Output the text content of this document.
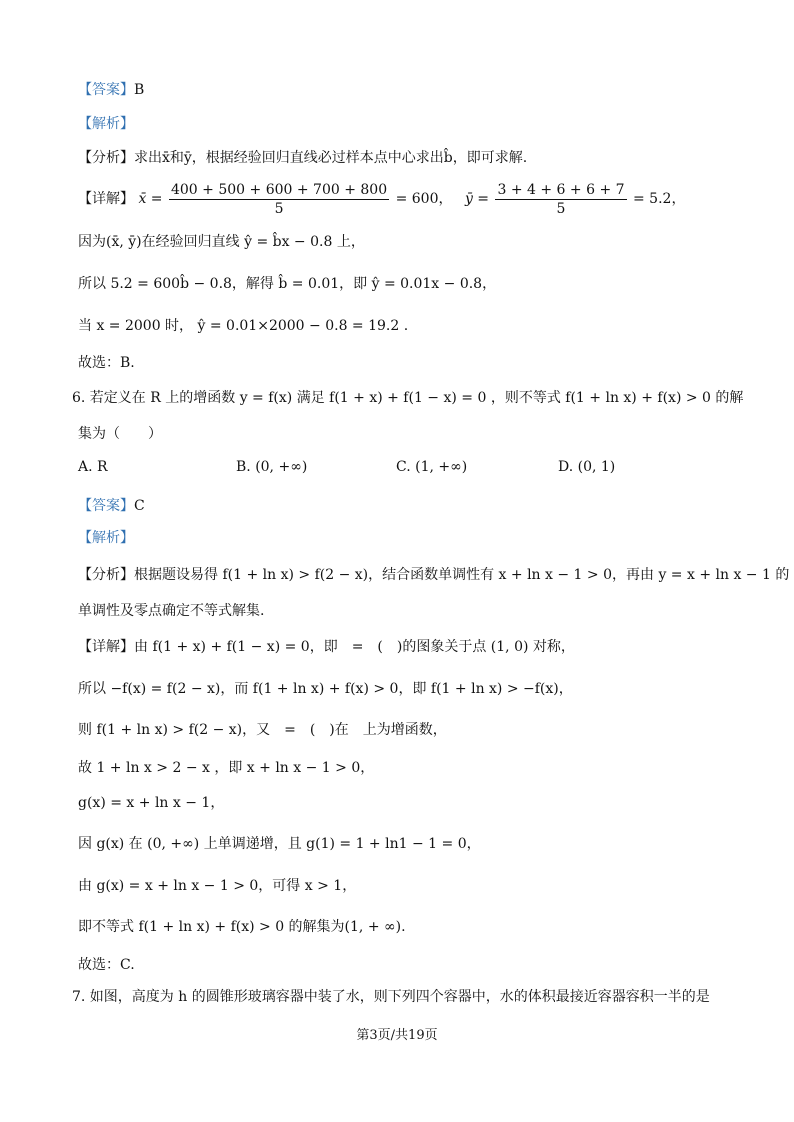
【答案】B
【解析】
【分析】求出x̄和ȳ，根据经验回归直线必过样本点中心求出b̂，即可求解.
【详解】 x̄ = $\frac{400 + 500 + 600 + 700 + 800}{5} = 600$， ȳ = $\frac{3 + 4 + 6 + 6 + 7}{5} = 5.2$，
因为(x̄, ȳ)在经验回归直线 ŷ = b̂x − 0.8 上，
所以 5.2 = 600b̂ − 0.8，解得 b̂ = 0.01，即 ŷ = 0.01x − 0.8，
当 x = 2000 时， ŷ = 0.01×2000 − 0.8 = 19.2 .
故选：B.
6. 若定义在 R 上的增函数 y = f(x) 满足 f(1 + x) + f(1 − x) = 0 ，则不等式 f(1 + ln x) + f(x) > 0 的解
集为（　　）
A. R	B. (0, +∞)	C. (1, +∞)	D. (0, 1)
【答案】C
【解析】
【分析】根据题设易得 f(1 + ln x) > f(2 − x)，结合函数单调性有 x + ln x − 1 > 0，再由 y = x + ln x − 1 的
单调性及零点确定不等式解集.
【详解】由 f(1 + x) + f(1 − x) = 0，即　=　(　)的图象关于点 (1, 0) 对称，
所以 −f(x) = f(2 − x)，而 f(1 + ln x) + f(x) > 0，即 f(1 + ln x) > −f(x)，
则 f(1 + ln x) > f(2 − x)，又　=　(　)在　上为增函数，
故 1 + ln x > 2 − x ，即 x + ln x − 1 > 0，
g(x) = x + ln x − 1，
因 g(x) 在 (0, +∞) 上单调递增，且 g(1) = 1 + ln1 − 1 = 0，
由 g(x) = x + ln x − 1 > 0，可得 x > 1，
即不等式 f(1 + ln x) + f(x) > 0 的解集为(1, + ∞).
故选：C.
7. 如图，高度为 h 的圆锥形玻璃容器中装了水，则下列四个容器中，水的体积最接近容器容积一半的是
第3页/共19页
